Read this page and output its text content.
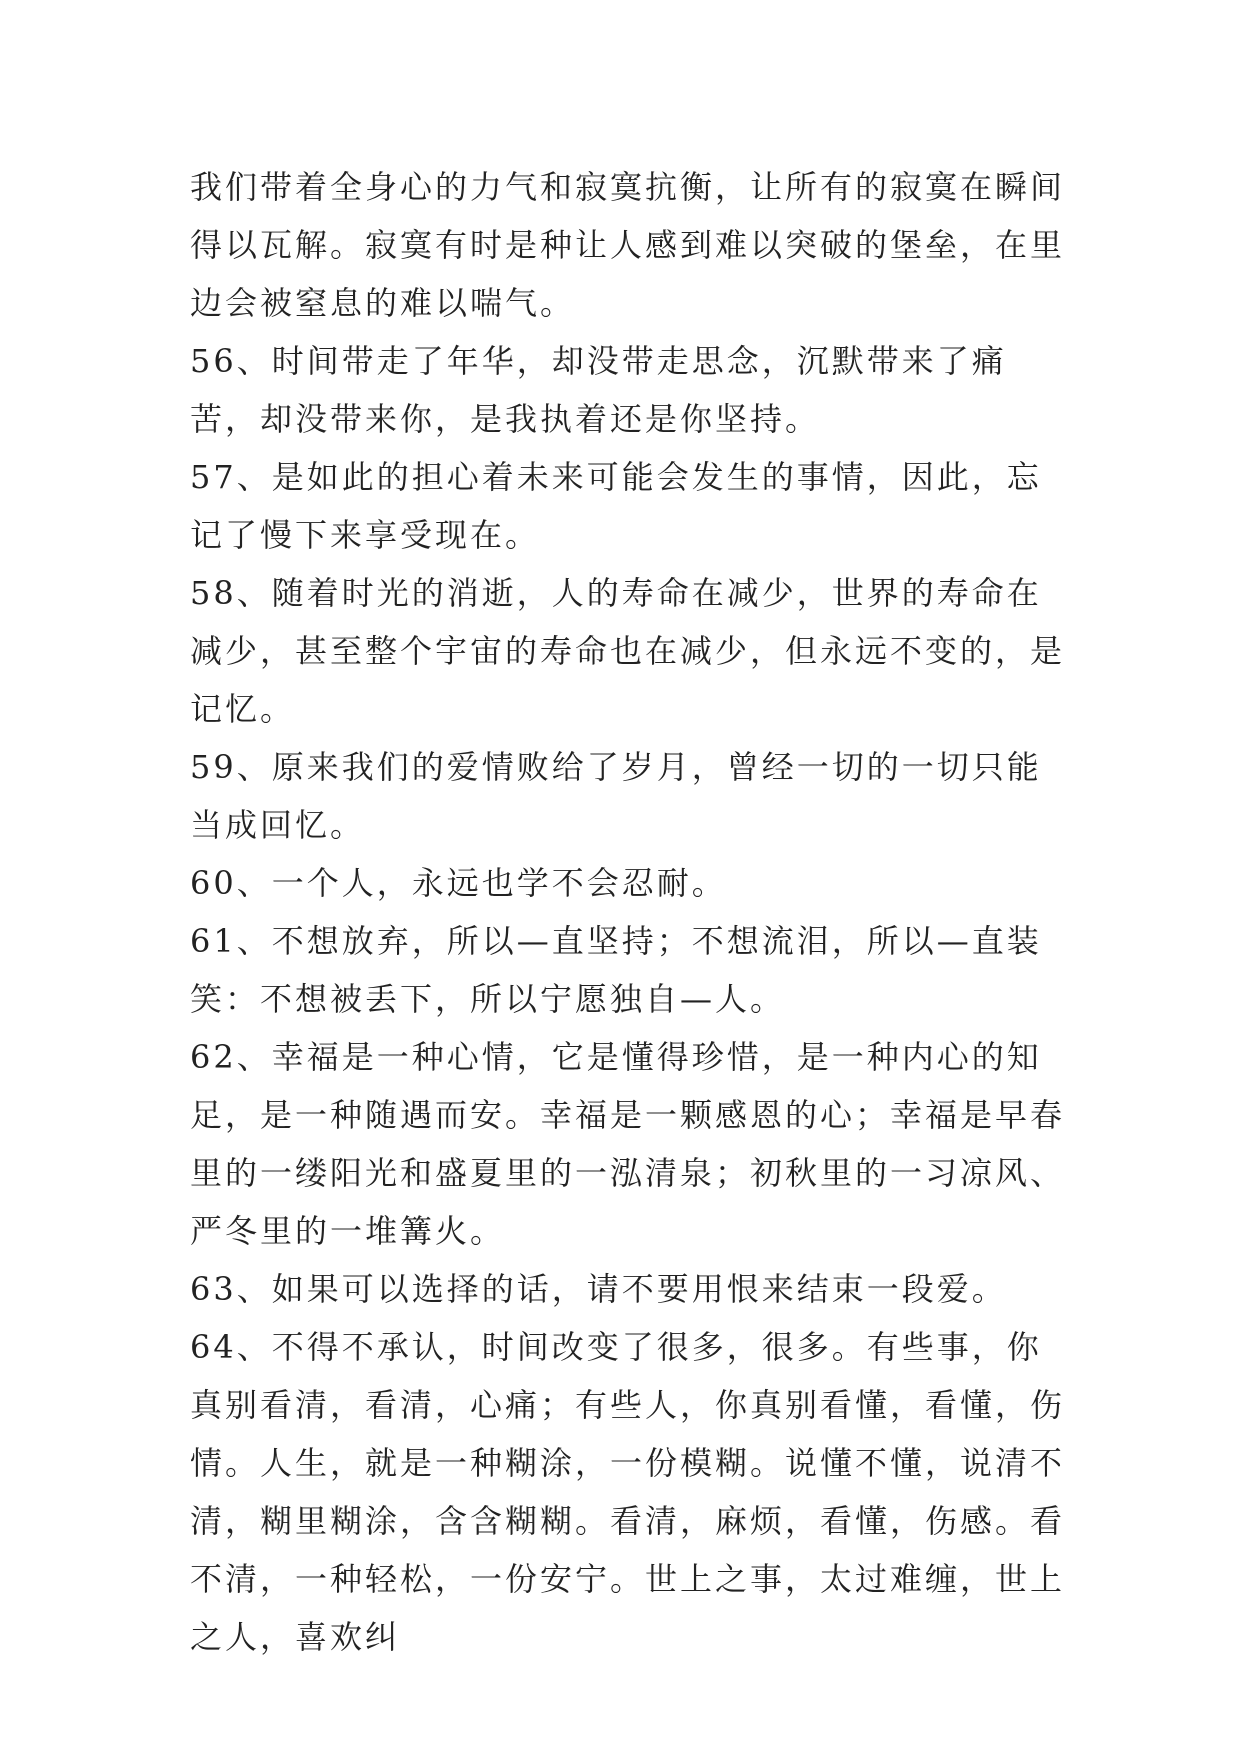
我们带着全身心的力气和寂寞抗衡，让所有的寂寞在瞬间得以瓦解。寂寞有时是种让人感到难以突破的堡垒，在里边会被窒息的难以喘气。

56、时间带走了年华，却没带走思念，沉默带来了痛苦，却没带来你，是我执着还是你坚持。

57、是如此的担心着未来可能会发生的事情，因此，忘记了慢下来享受现在。

58、随着时光的消逝，人的寿命在减少，世界的寿命在减少，甚至整个宇宙的寿命也在减少，但永远不变的，是记忆。

59、原来我们的爱情败给了岁月，曾经一切的一切只能当成回忆。

60、一个人，永远也学不会忍耐。

61、不想放弃，所以—直坚持；不想流泪，所以—直装笑：不想被丢下，所以宁愿独自—人。

62、幸福是一种心情，它是懂得珍惜，是一种内心的知足，是一种随遇而安。幸福是一颗感恩的心；幸福是早春里的一缕阳光和盛夏里的一泓清泉；初秋里的一习凉风、严冬里的一堆篝火。

63、如果可以选择的话，请不要用恨来结束一段爱。

64、不得不承认，时间改变了很多，很多。有些事，你真别看清，看清，心痛；有些人，你真别看懂，看懂，伤情。人生，就是一种糊涂，一份模糊。说懂不懂，说清不清，糊里糊涂，含含糊糊。看清，麻烦，看懂，伤感。看不清，一种轻松，一份安宁。世上之事，太过难缠，世上之人，喜欢纠
